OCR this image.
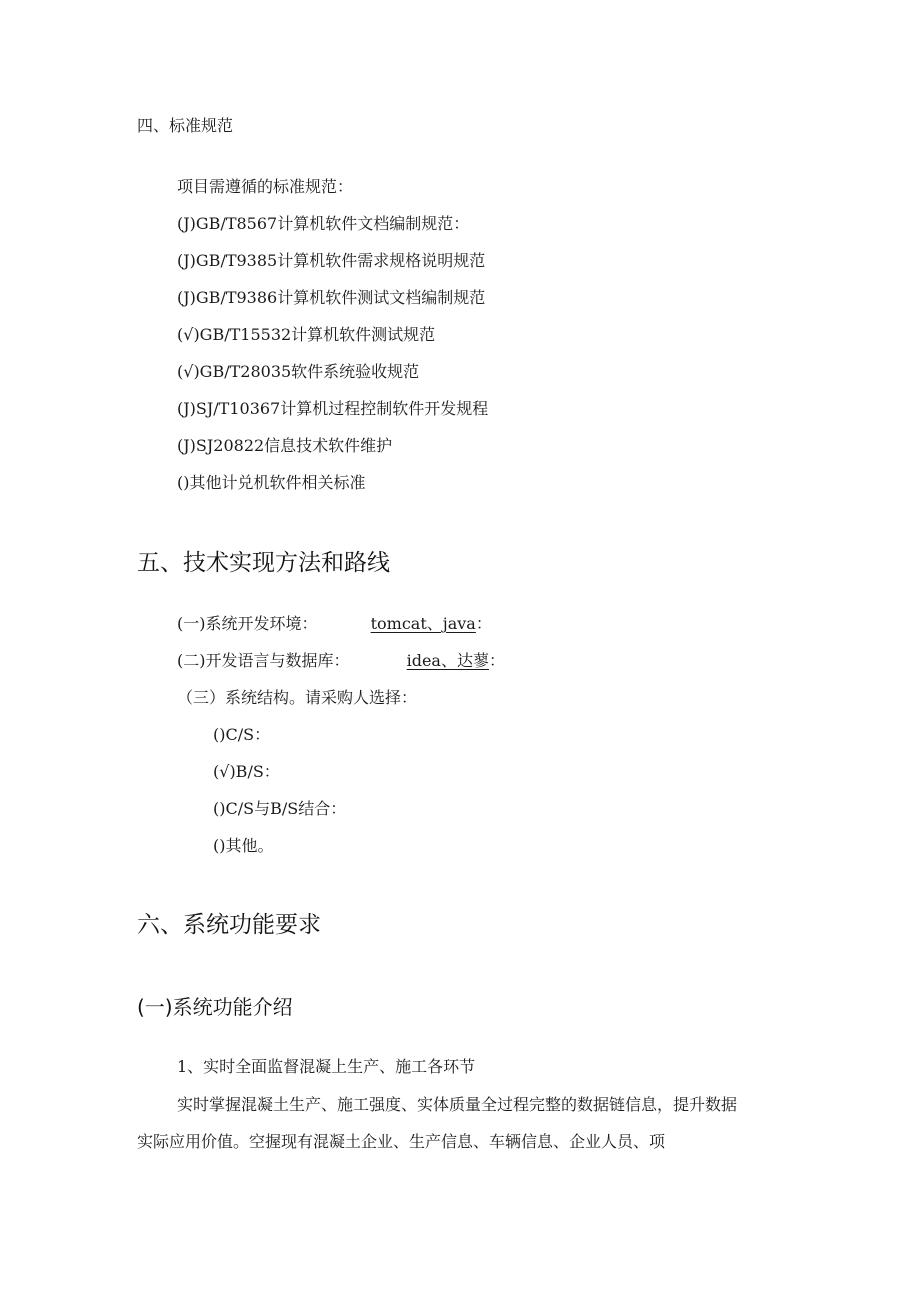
四、标准规范
项目需遵循的标准规范：
(J)GB/T8567计算机软件文档编制规范：
(J)GB/T9385计算机软件需求规格说明规范
(J)GB/T9386计算机软件测试文档编制规范
(√)GB/T15532计算机软件测试规范
(√)GB/T28035软件系统验收规范
(J)SJ/T10367计算机过程控制软件开发规程
(J)SJ20822信息技术软件维护
()其他计兑机软件相关标准
五、技术实现方法和路线
(一)系统开发环境：	tomcat、java：
(二)开发语言与数据库：	idea、达蓼：
（三）系统结构。请采购人选择：
()C/S：
(√)B/S：
()C/S与B/S结合：
()其他。
六、系统功能要求
(一)系统功能介绍
1、实时全面监督混凝上生产、施工各环节
实时掌握混凝土生产、施工强度、实体质量全过程完整的数据链信息，提升数据
实际应用价值。空握现有混凝土企业、生产信息、车辆信息、企业人员、项
